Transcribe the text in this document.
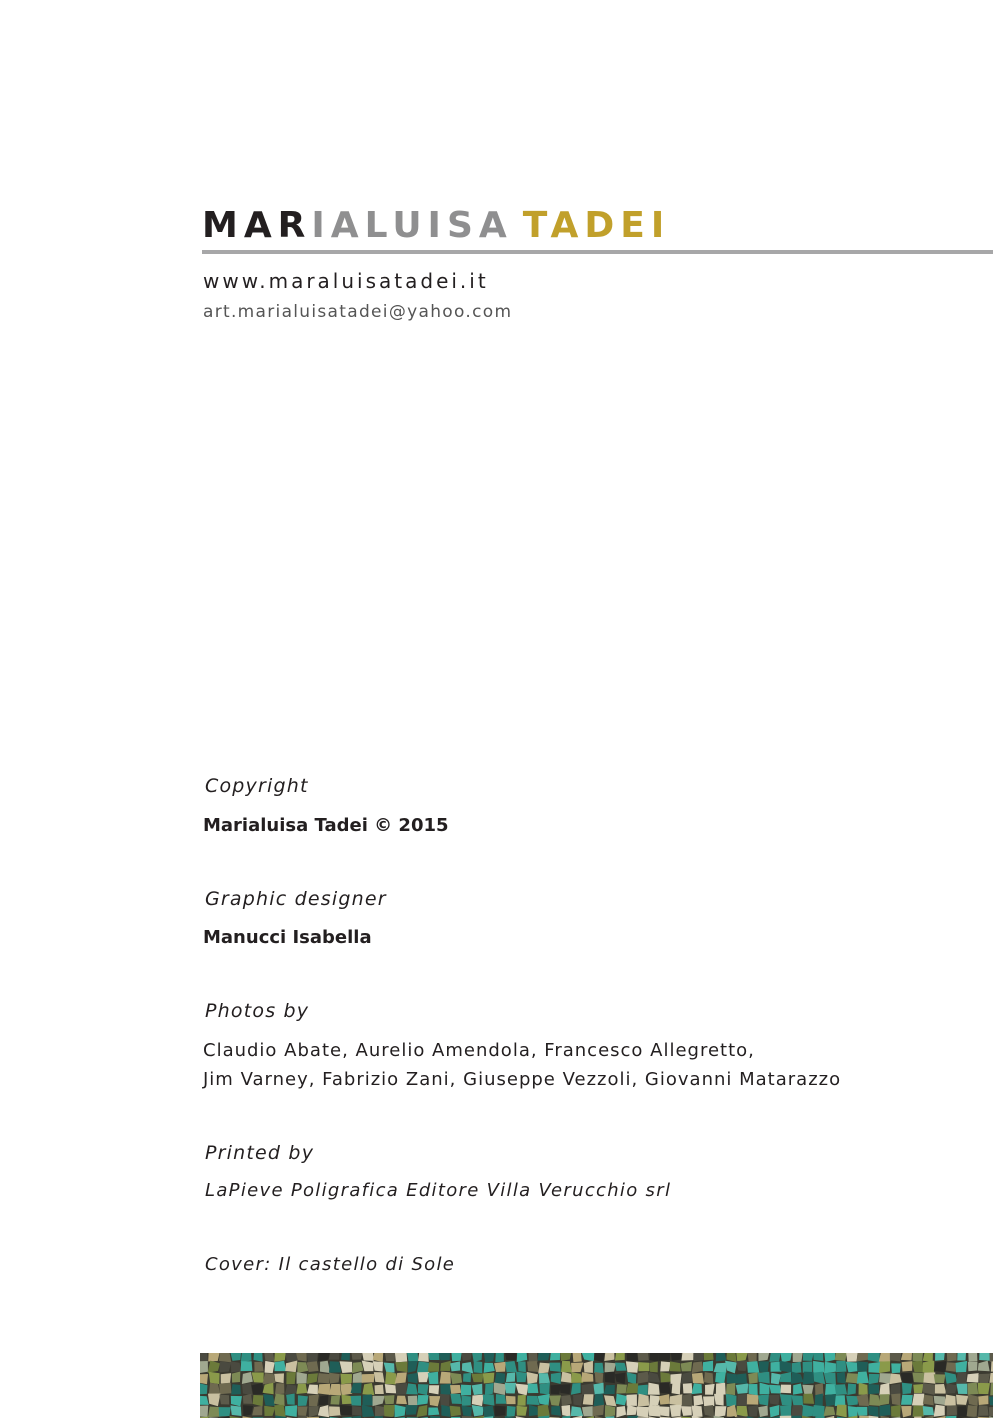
MARIALUISA TADEI
www.maraluisatadei.it
art.marialuisatadei@yahoo.com
Copyright
Marialuisa Tadei © 2015
Graphic designer
Manucci Isabella
Photos by
Claudio Abate, Aurelio Amendola, Francesco Allegretto,
Jim Varney, Fabrizio Zani, Giuseppe Vezzoli, Giovanni Matarazzo
Printed by
LaPieve Poligrafica Editore Villa Verucchio srl
Cover: Il castello di Sole
